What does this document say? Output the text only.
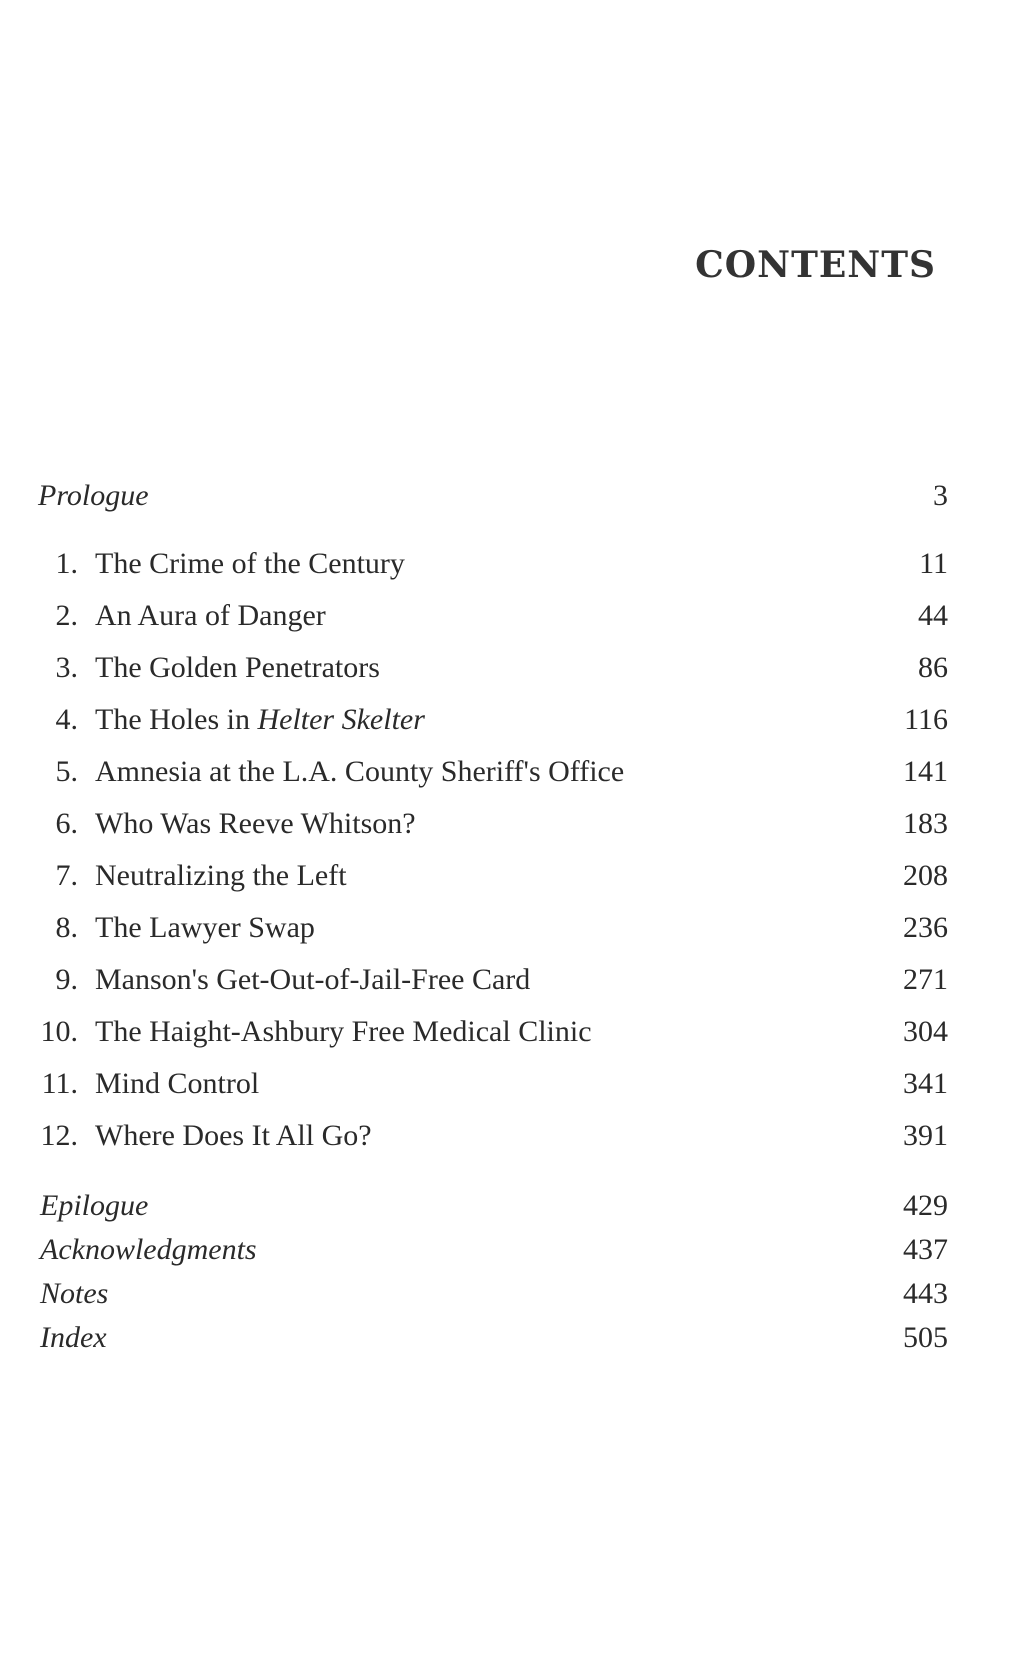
CONTENTS
Prologue	3
1. The Crime of the Century	11
2. An Aura of Danger	44
3. The Golden Penetrators	86
4. The Holes in Helter Skelter	116
5. Amnesia at the L.A. County Sheriff's Office	141
6. Who Was Reeve Whitson?	183
7. Neutralizing the Left	208
8. The Lawyer Swap	236
9. Manson's Get-Out-of-Jail-Free Card	271
10. The Haight-Ashbury Free Medical Clinic	304
11. Mind Control	341
12. Where Does It All Go?	391
Epilogue	429
Acknowledgments	437
Notes	443
Index	505
